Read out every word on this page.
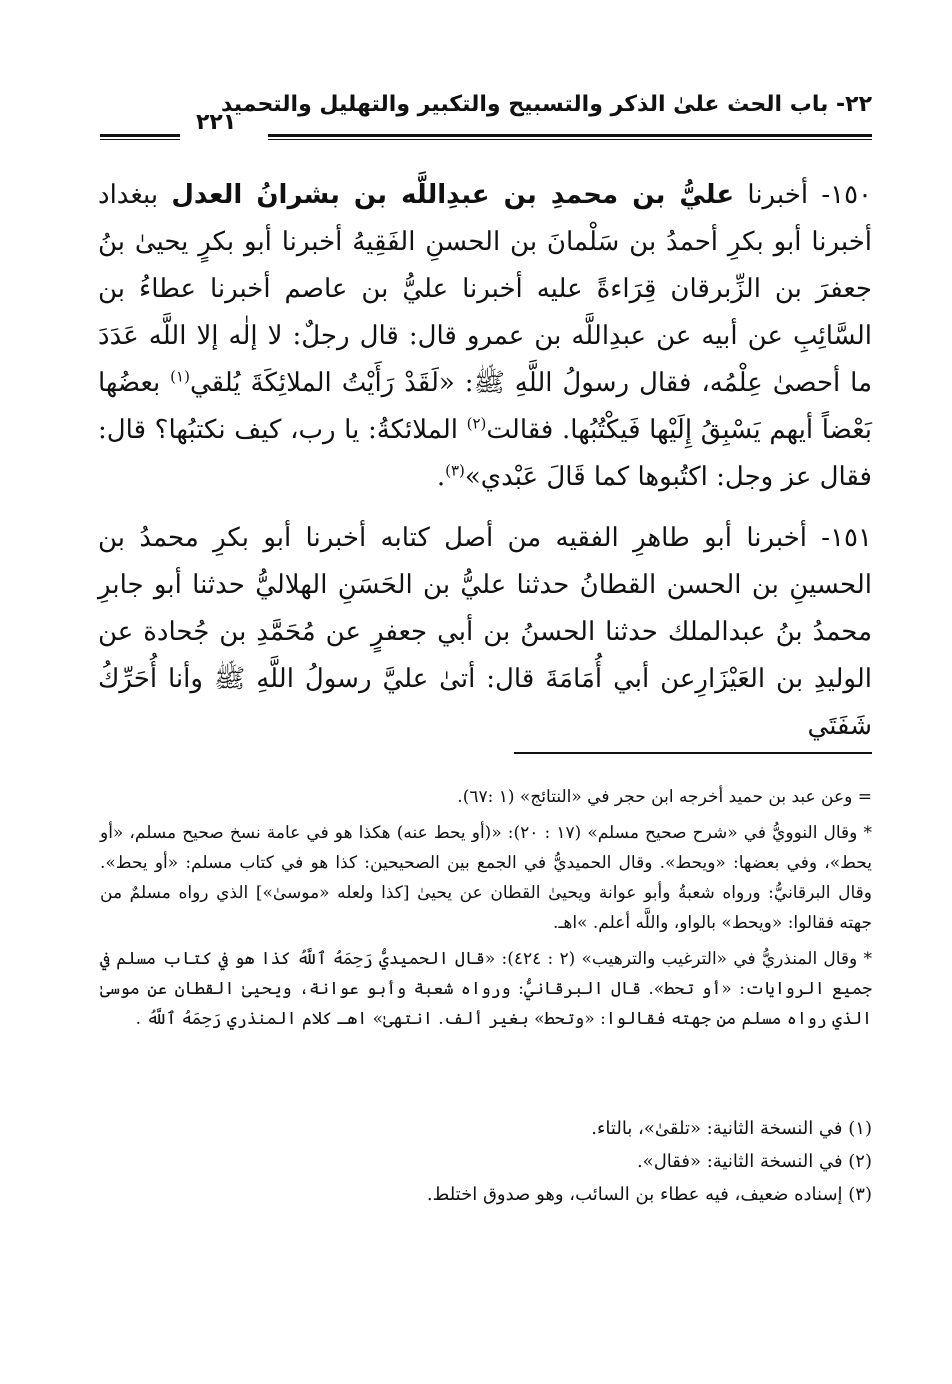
٢٢- باب الحث علىٰ الذكر والتسبيح والتكبير والتهليل والتحميد
٢٢١

١٥٠- أخبرنا عليُّ بن محمدِ بن عبدِاللَّه بن بشرانُ العدل ببغداد أخبرنا أبو بكرِ أحمدُ بن سَلْمانَ بن الحسنِ الفَقِيهُ أخبرنا أبو بكرٍ يحيىٰ بنُ جعفرَ بن الزِّبرقان قِرَاءةً عليه أخبرنا عليُّ بن عاصم أخبرنا عطاءُ بن السَّائِبِ عن أبيه عن عبدِاللَّه بن عمرو قال: قال رجلٌ: لا إلٰه إلا اللَّه عَدَدَ ما أحصىٰ عِلْمُه، فقال رسولُ اللَّهِ ﷺ: «لَقَدْ رَأَيْتُ الملائِكَةَ يُلقي$^{(١)}$ بعضُها بَعْضاً أيهم يَسْبِقُ إِلَيْها فَيكْتُبُها. فقالت$^{(٢)}$ الملائكةُ: يا رب، كيف نكتبُها؟ قال: فقال عز وجل: اكتُبوها كما قَالَ عَبْدي»$^{(٣)}$.

١٥١- أخبرنا أبو طاهرِ الفقيه من أصل كتابه أخبرنا أبو بكرِ محمدُ بن الحسينِ بن الحسن القطانُ حدثنا عليُّ بن الحَسَنِ الهلاليُّ حدثنا أبو جابرِ محمدُ بنُ عبدالملك حدثنا الحسنُ بن أبي جعفرٍ عن مُحَمَّدِ بن جُحادة عن الوليدِ بن العَيْزَارِعن أبي أُمَامَةَ قال: أتىٰ عليَّ رسولُ اللَّهِ ﷺ وأنا أُحَرِّكُ شَفَتَي

= وعن عبد بن حميد أخرجه ابن حجر في «النتائج» (١ :٦٧).

* وقال النوويُّ في «شرح صحيح مسلم» (١٧ : ٢٠): «(أو يحط عنه) هكذا هو في عامة نسخ صحيح مسلم، «أو يحط»، وفي بعضها: «ويحط». وقال الحميديُّ في الجمع بين الصحيحين: كذا هو في كتاب مسلم: «أو يحط». وقال البرقانيُّ: ورواه شعبةُ وأبو عوانة ويحيىٰ القطان عن يحيىٰ [كذا ولعله «موسىٰ»] الذي رواه مسلمٌ من جهته فقالوا: «ويحط» بالواو، واللَّه أعلم. »اهـ.

* وقال المنذريُّ في «الترغيب والترهيب» (٢ : ٤٢٤): «قال الحميديُّ رَحِمَهُ ٱللَّهُ كذا هو في كتاب مسلم في جميع الروايات: «أو تحط». قال البرقانيُّ: ورواه شعبة وأبو عوانة، ويحيىٰ القطان عن موسىٰ الذي رواه مسلم من جهته فقالوا: «وتحط» بغير ألف. انتهىٰ» اهـ كلام المنذري رَحِمَهُ ٱللَّهُ .

(١) في النسخة الثانية: «تلقىٰ»، بالتاء.
(٢) في النسخة الثانية: «فقال».
(٣) إسناده ضعيف، فيه عطاء بن السائب، وهو صدوق اختلط.
